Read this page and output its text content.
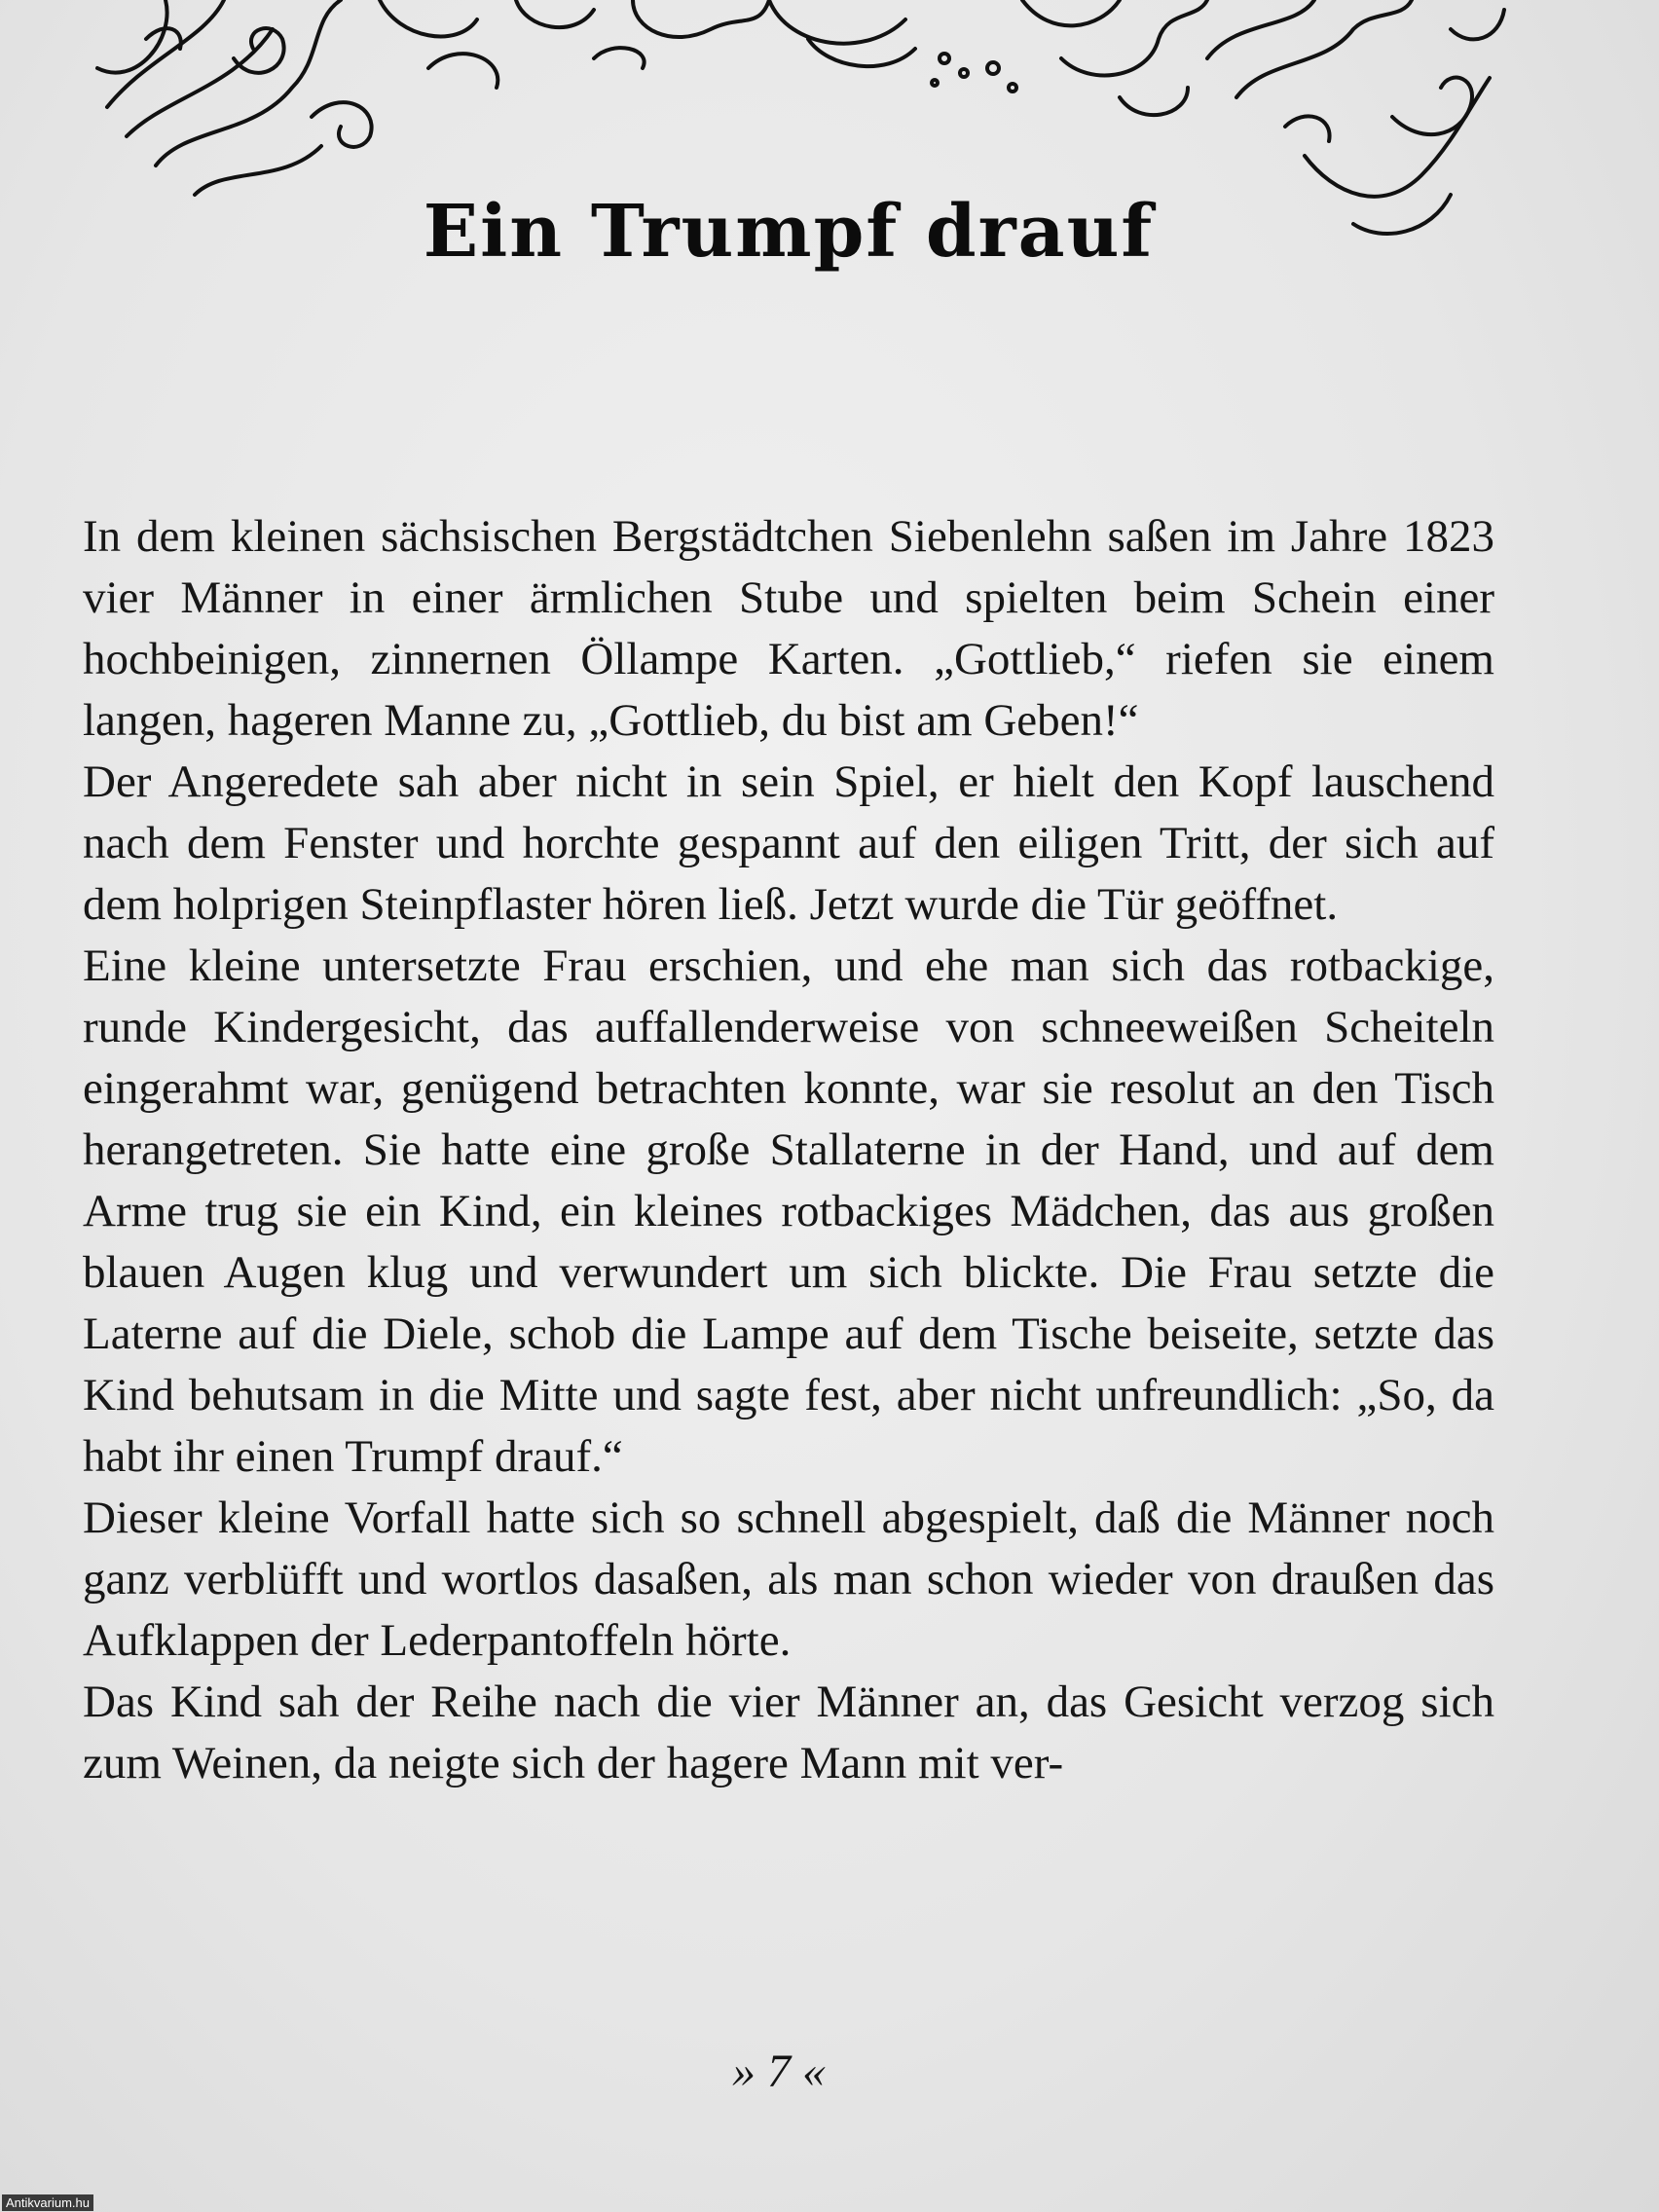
Ein Trumpf drauf

In dem kleinen sächsischen Bergstädtchen Siebenlehn saßen im Jahre 1823 vier Männer in einer ärmlichen Stube und spielten beim Schein einer hochbeinigen, zinnernen Öllampe Karten. „Gottlieb,“ riefen sie einem langen, hageren Manne zu, „Gottlieb, du bist am Geben!“

Der Angeredete sah aber nicht in sein Spiel, er hielt den Kopf lauschend nach dem Fenster und horchte gespannt auf den eiligen Tritt, der sich auf dem holprigen Steinpflaster hören ließ. Jetzt wurde die Tür geöffnet.

Eine kleine untersetzte Frau erschien, und ehe man sich das rotbackige, runde Kindergesicht, das auffallenderweise von schneeweißen Scheiteln eingerahmt war, genügend betrachten konnte, war sie resolut an den Tisch herangetreten. Sie hatte eine große Stallaterne in der Hand, und auf dem Arme trug sie ein Kind, ein kleines rotbackiges Mädchen, das aus großen blauen Augen klug und verwundert um sich blickte. Die Frau setzte die Laterne auf die Diele, schob die Lampe auf dem Tische beiseite, setzte das Kind behutsam in die Mitte und sagte fest, aber nicht unfreundlich: „So, da habt ihr einen Trumpf drauf.“

Dieser kleine Vorfall hatte sich so schnell abgespielt, daß die Männer noch ganz verblüfft und wortlos dasaßen, als man schon wieder von draußen das Aufklappen der Lederpantoffeln hörte.

Das Kind sah der Reihe nach die vier Männer an, das Gesicht verzog sich zum Weinen, da neigte sich der hagere Mann mit ver-

» 7 «
Antikvarium.hu
